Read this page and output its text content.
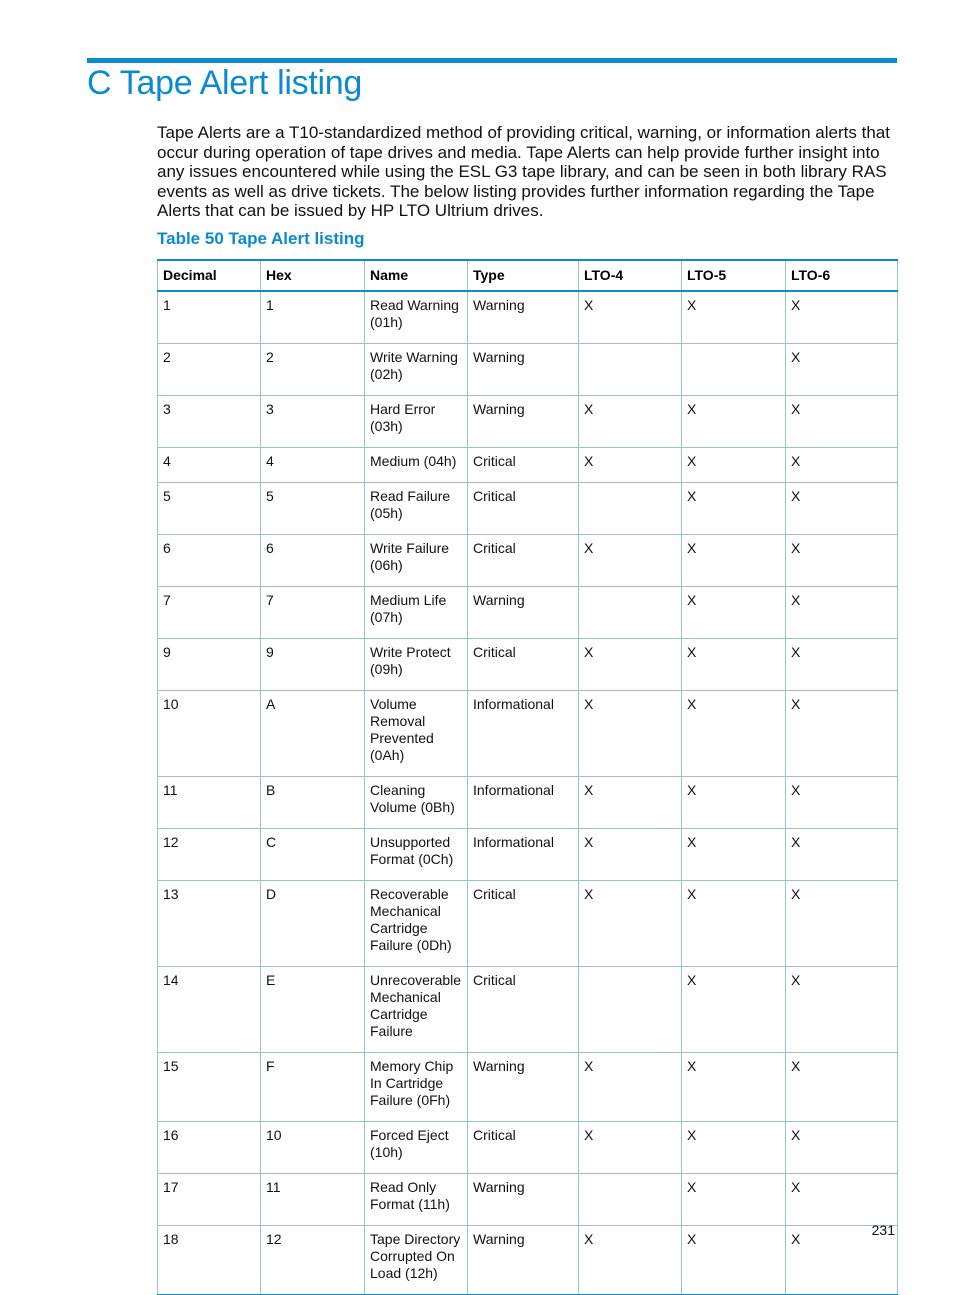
C Tape Alert listing

Tape Alerts are a T10-standardized method of providing critical, warning, or information alerts that occur during operation of tape drives and media. Tape Alerts can help provide further insight into any issues encountered while using the ESL G3 tape library, and can be seen in both library RAS events as well as drive tickets. The below listing provides further information regarding the Tape Alerts that can be issued by HP LTO Ultrium drives.

Table 50 Tape Alert listing

Decimal	Hex	Name	Type	LTO-4	LTO-5	LTO-6
1	1	Read Warning (01h)	Warning	X	X	X
2	2	Write Warning (02h)	Warning			X
3	3	Hard Error (03h)	Warning	X	X	X
4	4	Medium (04h)	Critical	X	X	X
5	5	Read Failure (05h)	Critical		X	X
6	6	Write Failure (06h)	Critical	X	X	X
7	7	Medium Life (07h)	Warning		X	X
9	9	Write Protect (09h)	Critical	X	X	X
10	A	Volume Removal Prevented (0Ah)	Informational	X	X	X
11	B	Cleaning Volume (0Bh)	Informational	X	X	X
12	C	Unsupported Format (0Ch)	Informational	X	X	X
13	D	Recoverable Mechanical Cartridge Failure (0Dh)	Critical	X	X	X
14	E	Unrecoverable Mechanical Cartridge Failure	Critical		X	X
15	F	Memory Chip In Cartridge Failure (0Fh)	Warning	X	X	X
16	10	Forced Eject (10h)	Critical	X	X	X
17	11	Read Only Format (11h)	Warning		X	X
18	12	Tape Directory Corrupted On Load (12h)	Warning	X	X	X

231
